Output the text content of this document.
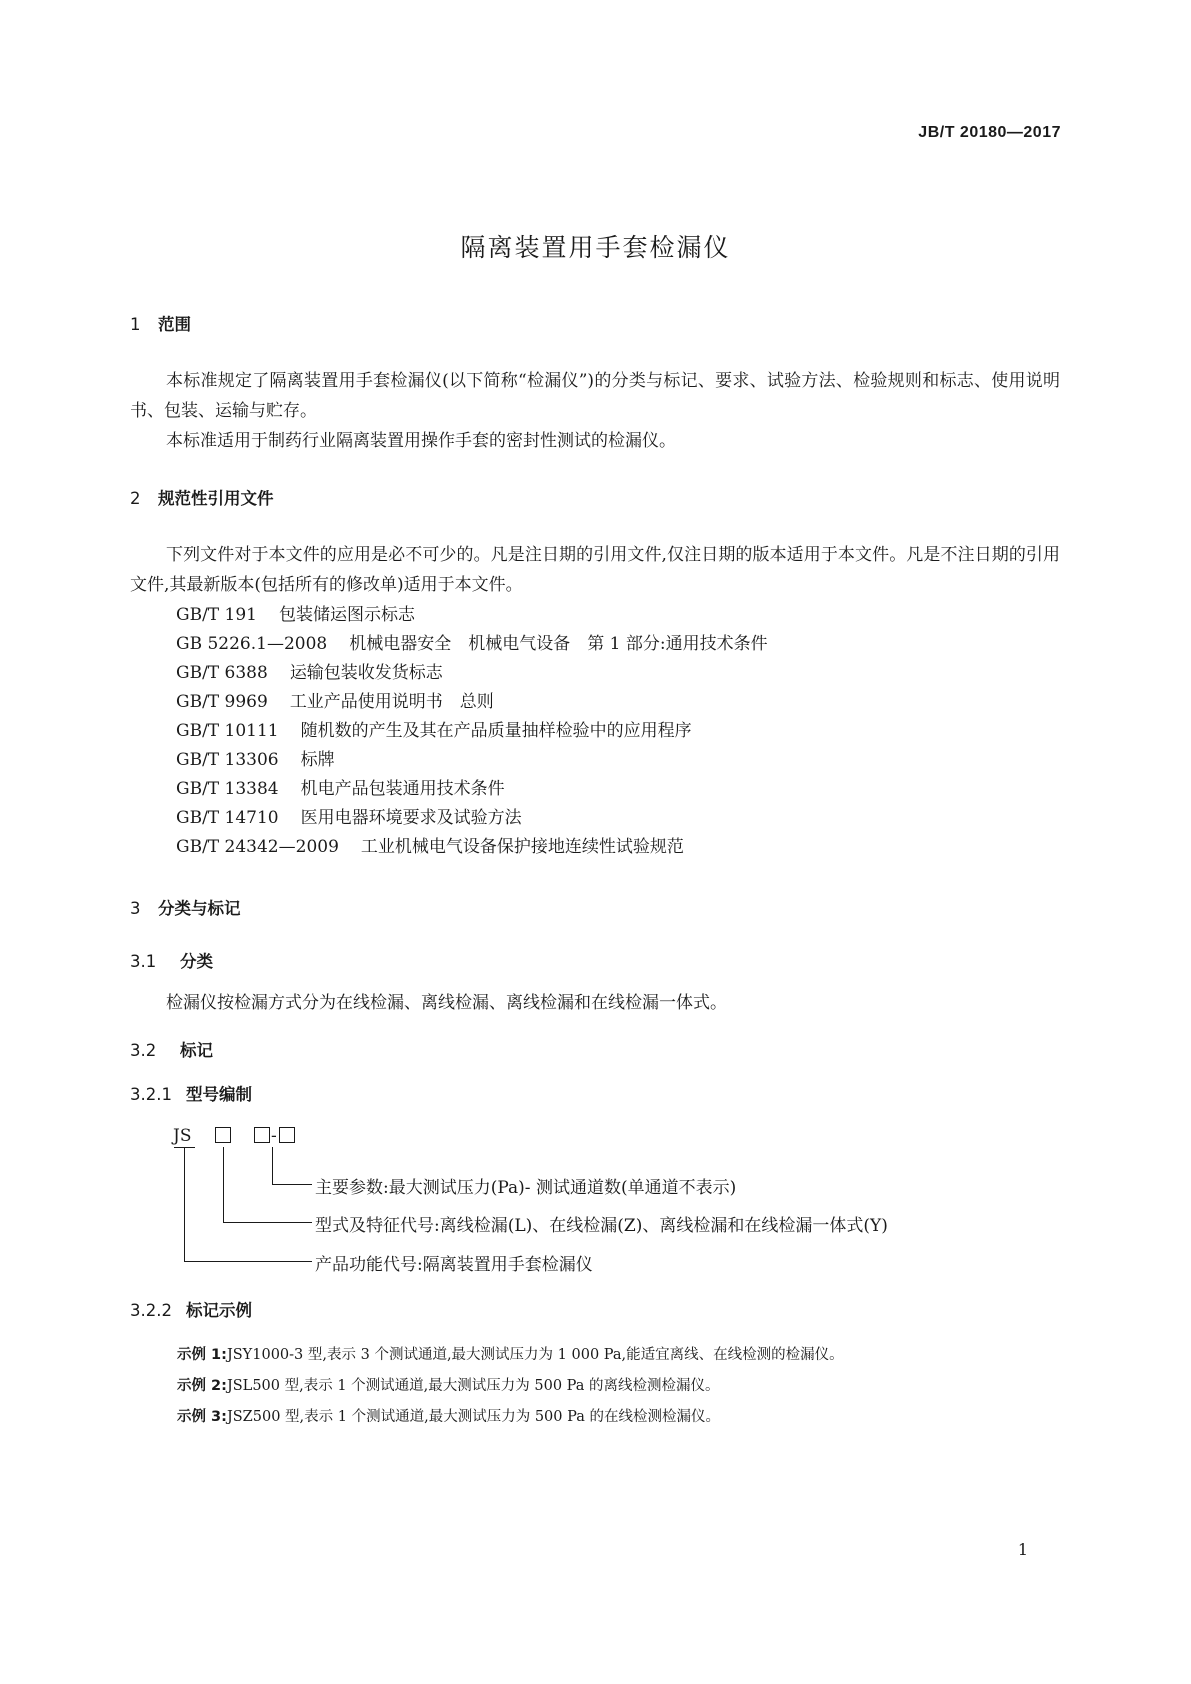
JB/T 20180—2017
隔离装置用手套检漏仪
1 范围
本标准规定了隔离装置用手套检漏仪(以下简称“检漏仪”)的分类与标记、要求、试验方法、检验规则和标志、使用说明书、包装、运输与贮存。
本标准适用于制药行业隔离装置用操作手套的密封性测试的检漏仪。
2 规范性引用文件
下列文件对于本文件的应用是必不可少的。凡是注日期的引用文件,仅注日期的版本适用于本文件。凡是不注日期的引用文件,其最新版本(包括所有的修改单)适用于本文件。
GB/T 191 包装储运图示标志
GB 5226.1—2008 机械电器安全　机械电气设备　第 1 部分:通用技术条件
GB/T 6388 运输包装收发货标志
GB/T 9969 工业产品使用说明书　总则
GB/T 10111 随机数的产生及其在产品质量抽样检验中的应用程序
GB/T 13306 标牌
GB/T 13384 机电产品包装通用技术条件
GB/T 14710 医用电器环境要求及试验方法
GB/T 24342—2009 工业机械电气设备保护接地连续性试验规范
3 分类与标记
3.1 分类
检漏仪按检漏方式分为在线检漏、离线检漏、离线检漏和在线检漏一体式。
3.2 标记
3.2.1 型号编制
JS	-
主要参数:最大测试压力(Pa)- 测试通道数(单通道不表示)
型式及特征代号:离线检漏(L)、在线检漏(Z)、离线检漏和在线检漏一体式(Y)
产品功能代号:隔离装置用手套检漏仪
3.2.2 标记示例
示例 1:JSY1000-3 型,表示 3 个测试通道,最大测试压力为 1 000 Pa,能适宜离线、在线检测的检漏仪。
示例 2:JSL500 型,表示 1 个测试通道,最大测试压力为 500 Pa 的离线检测检漏仪。
示例 3:JSZ500 型,表示 1 个测试通道,最大测试压力为 500 Pa 的在线检测检漏仪。
1
